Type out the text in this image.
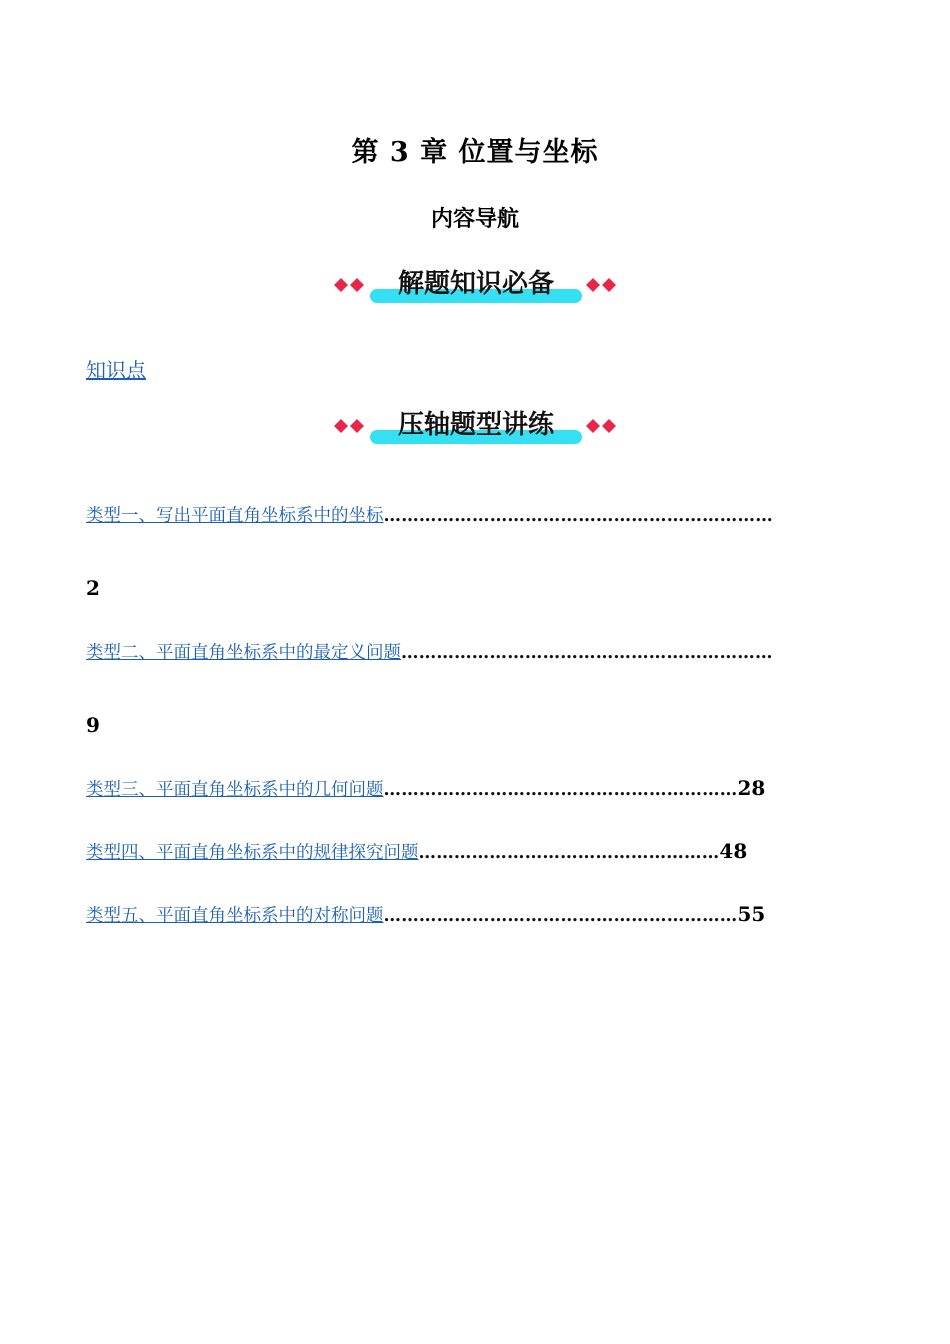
第 3 章 位置与坐标
内容导航
解题知识必备
知识点
压轴题型讲练
类型一、写出平面直角坐标系中的坐标…………………………………………………………
2
类型二、平面直角坐标系中的最定义问题………………………………………………………
9
类型三、平面直角坐标系中的几何问题……………………………………………………28
类型四、平面直角坐标系中的规律探究问题……………………………………………48
类型五、平面直角坐标系中的对称问题……………………………………………………55
